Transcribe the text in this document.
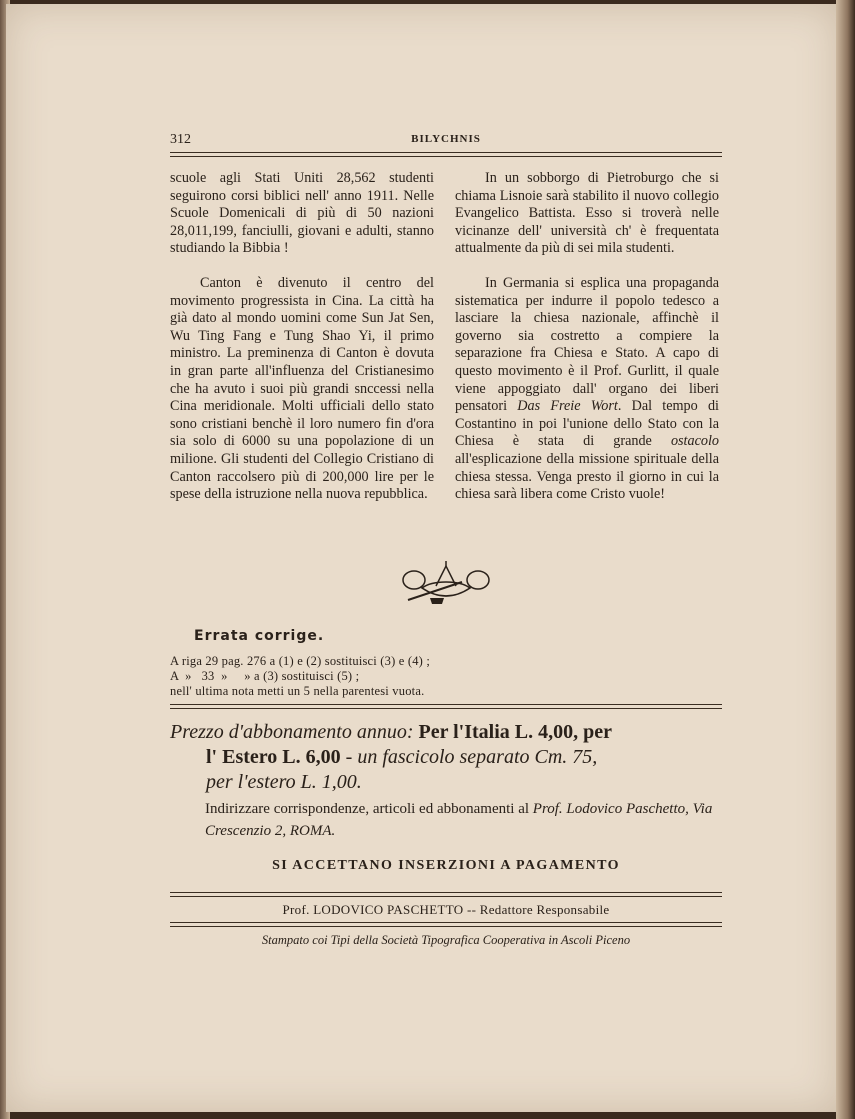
312	BILYCHNIS

scuole agli Stati Uniti 28,562 studenti seguirono corsi biblici nell' anno 1911. Nelle Scuole Domenicali di più di 50 nazioni 28,011,199, fanciulli, giovani e adulti, stanno studiando la Bibbia !

Canton è divenuto il centro del movimento progressista in Cina. La città ha già dato al mondo uomini come Sun Jat Sen, Wu Ting Fang e Tung Shao Yi, il primo ministro. La preminenza di Canton è dovuta in gran parte all'influenza del Cristianesimo che ha avuto i suoi più grandi snccessi nella Cina meridionale. Molti ufficiali dello stato sono cristiani benchè il loro numero fin d'ora sia solo di 6000 su una popolazione di un milione. Gli studenti del Collegio Cristiano di Canton raccolsero più di 200,000 lire per le spese della istruzione nella nuova repubblica.

In un sobborgo di Pietroburgo che si chiama Lisnoie sarà stabilito il nuovo collegio Evangelico Battista. Esso si troverà nelle vicinanze dell' università ch' è frequentata attualmente da più di sei mila studenti.

In Germania si esplica una propaganda sistematica per indurre il popolo tedesco a lasciare la chiesa nazionale, affinchè il governo sia costretto a compiere la separazione fra Chiesa e Stato. A capo di questo movimento è il Prof. Gurlitt, il quale viene appoggiato dall' organo dei liberi pensatori Das Freie Wort. Dal tempo di Costantino in poi l'unione dello Stato con la Chiesa è stata di grande ostacolo all'esplicazione della missione spirituale della chiesa stessa. Venga presto il giorno in cui la chiesa sarà libera come Cristo vuole!

Errata corrige.
A riga 29 pag. 276 a (1) e (2) sostituisci (3) e (4) ;
A  »   33  »     » a (3) sostituisci (5) ;
nell' ultima nota metti un 5 nella parentesi vuota.
Prezzo d'abbonamento annuo: Per l'Italia L. 4,00, per
l' Estero L. 6,00 - un fascicolo separato Cm. 75,
per l'estero L. 1,00.
Indirizzare corrispondenze, articoli ed abbonamenti al Prof. Lodovico Paschetto, Via Crescenzio 2, ROMA.
SI ACCETTANO INSERZIONI A PAGAMENTO
Prof. LODOVICO PASCHETTO -- Redattore Responsabile
Stampato coi Tipi della Società Tipografica Cooperativa in Ascoli Piceno
